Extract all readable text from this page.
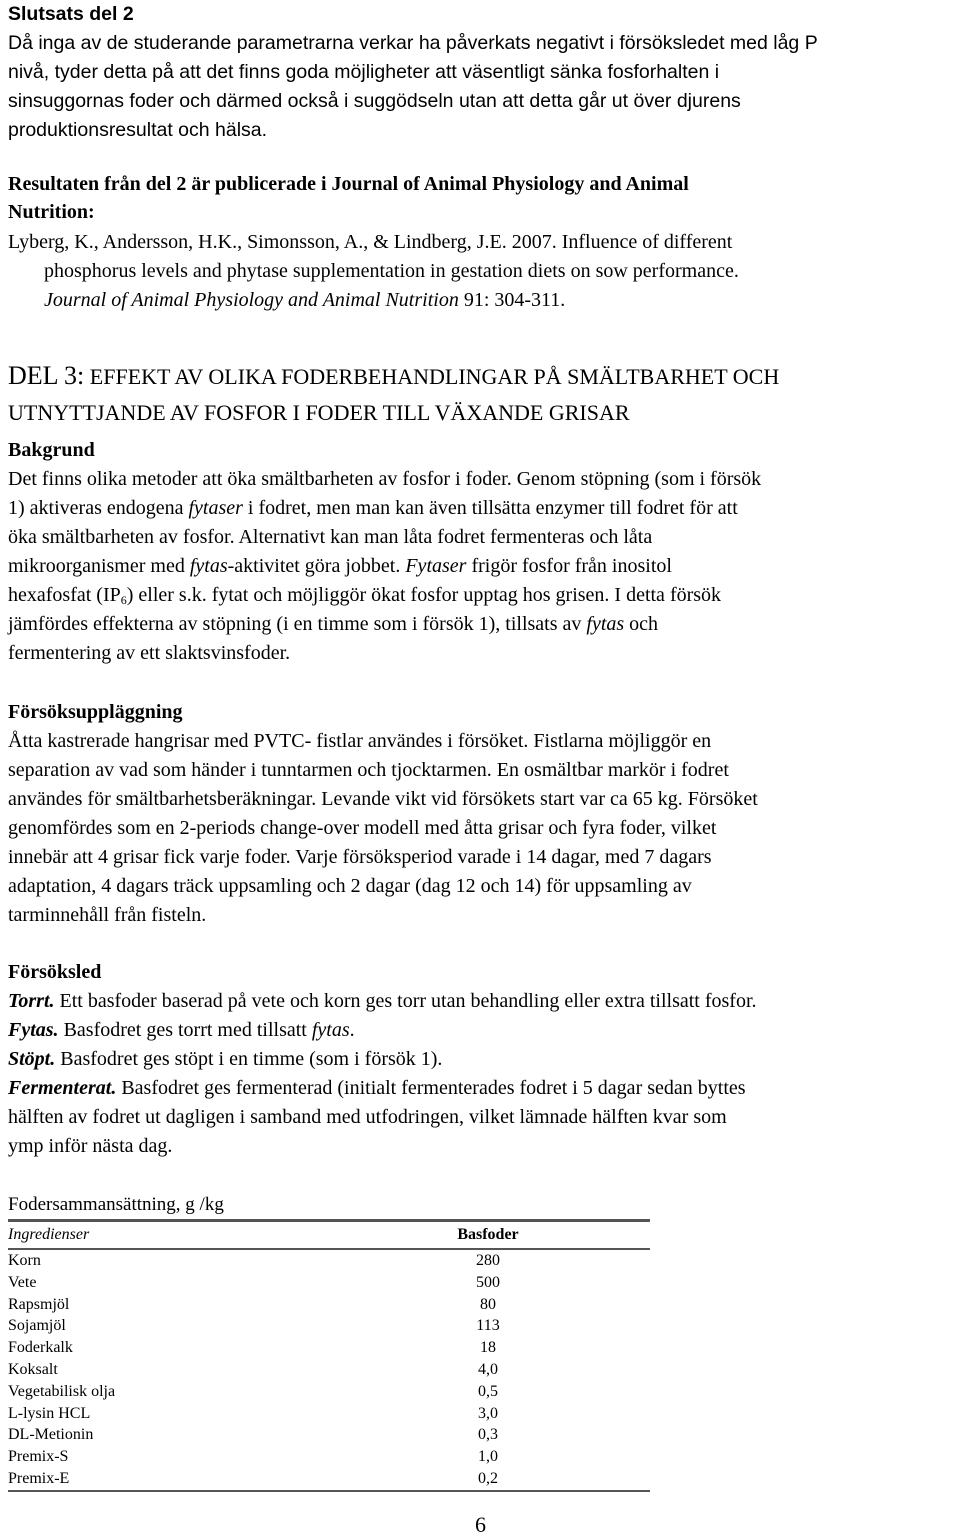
Slutsats del 2
Då inga av de studerande parametrarna verkar ha påverkats negativt i försöksledet med låg P
nivå, tyder detta på att det finns goda möjligheter att väsentligt sänka fosforhalten i
sinsuggornas foder och därmed också i suggödseln utan att detta går ut över djurens
produktionsresultat och hälsa.
Resultaten från del 2 är publicerade i Journal of Animal Physiology and Animal
Nutrition:
Lyberg, K., Andersson, H.K., Simonsson, A., & Lindberg, J.E. 2007. Influence of different
phosphorus levels and phytase supplementation in gestation diets on sow performance.
Journal of Animal Physiology and Animal Nutrition 91: 304-311.
DEL 3: EFFEKT AV OLIKA FODERBEHANDLINGAR PÅ SMÄLTBARHET OCH
UTNYTTJANDE AV FOSFOR I FODER TILL VÄXANDE GRISAR
Bakgrund
Det finns olika metoder att öka smältbarheten av fosfor i foder. Genom stöpning (som i försök
1) aktiveras endogena fytaser i fodret, men man kan även tillsätta enzymer till fodret för att
öka smältbarheten av fosfor. Alternativt kan man låta fodret fermenteras och låta
mikroorganismer med fytas-aktivitet göra jobbet. Fytaser frigör fosfor från inositol
hexafosfat $(IP_6)$ eller s.k. fytat och möjliggör ökat fosfor upptag hos grisen. I detta försök
jämfördes effekterna av stöpning (i en timme som i försök 1), tillsats av fytas och
fermentering av ett slaktsvinsfoder.
Försöksuppläggning
Åtta kastrerade hangrisar med PVTC- fistlar användes i försöket. Fistlarna möjliggör en
separation av vad som händer i tunntarmen och tjocktarmen. En osmältbar markör i fodret
användes för smältbarhetsberäkningar. Levande vikt vid försökets start var ca 65 kg. Försöket
genomfördes som en 2-periods change-over modell med åtta grisar och fyra foder, vilket
innebär att 4 grisar fick varje foder. Varje försöksperiod varade i 14 dagar, med 7 dagars
adaptation, 4 dagars träck uppsamling och 2 dagar (dag 12 och 14) för uppsamling av
tarminnehåll från fisteln.
Försöksled
Torrt. Ett basfoder baserad på vete och korn ges torr utan behandling eller extra tillsatt fosfor.
Fytas. Basfodret ges torrt med tillsatt fytas.
Stöpt. Basfodret ges stöpt i en timme (som i försök 1).
Fermenterat. Basfodret ges fermenterad (initialt fermenterades fodret i 5 dagar sedan byttes
hälften av fodret ut dagligen i samband med utfodringen, vilket lämnade hälften kvar som
ymp inför nästa dag.
Fodersammansättning, g /kg
Ingredienser	Basfoder
Korn	280
Vete	500
Rapsmjöl	80
Sojamjöl	113
Foderkalk	18
Koksalt	4,0
Vegetabilisk olja	0,5
L-lysin HCL	3,0
DL-Metionin	0,3
Premix-S	1,0
Premix-E	0,2
6
